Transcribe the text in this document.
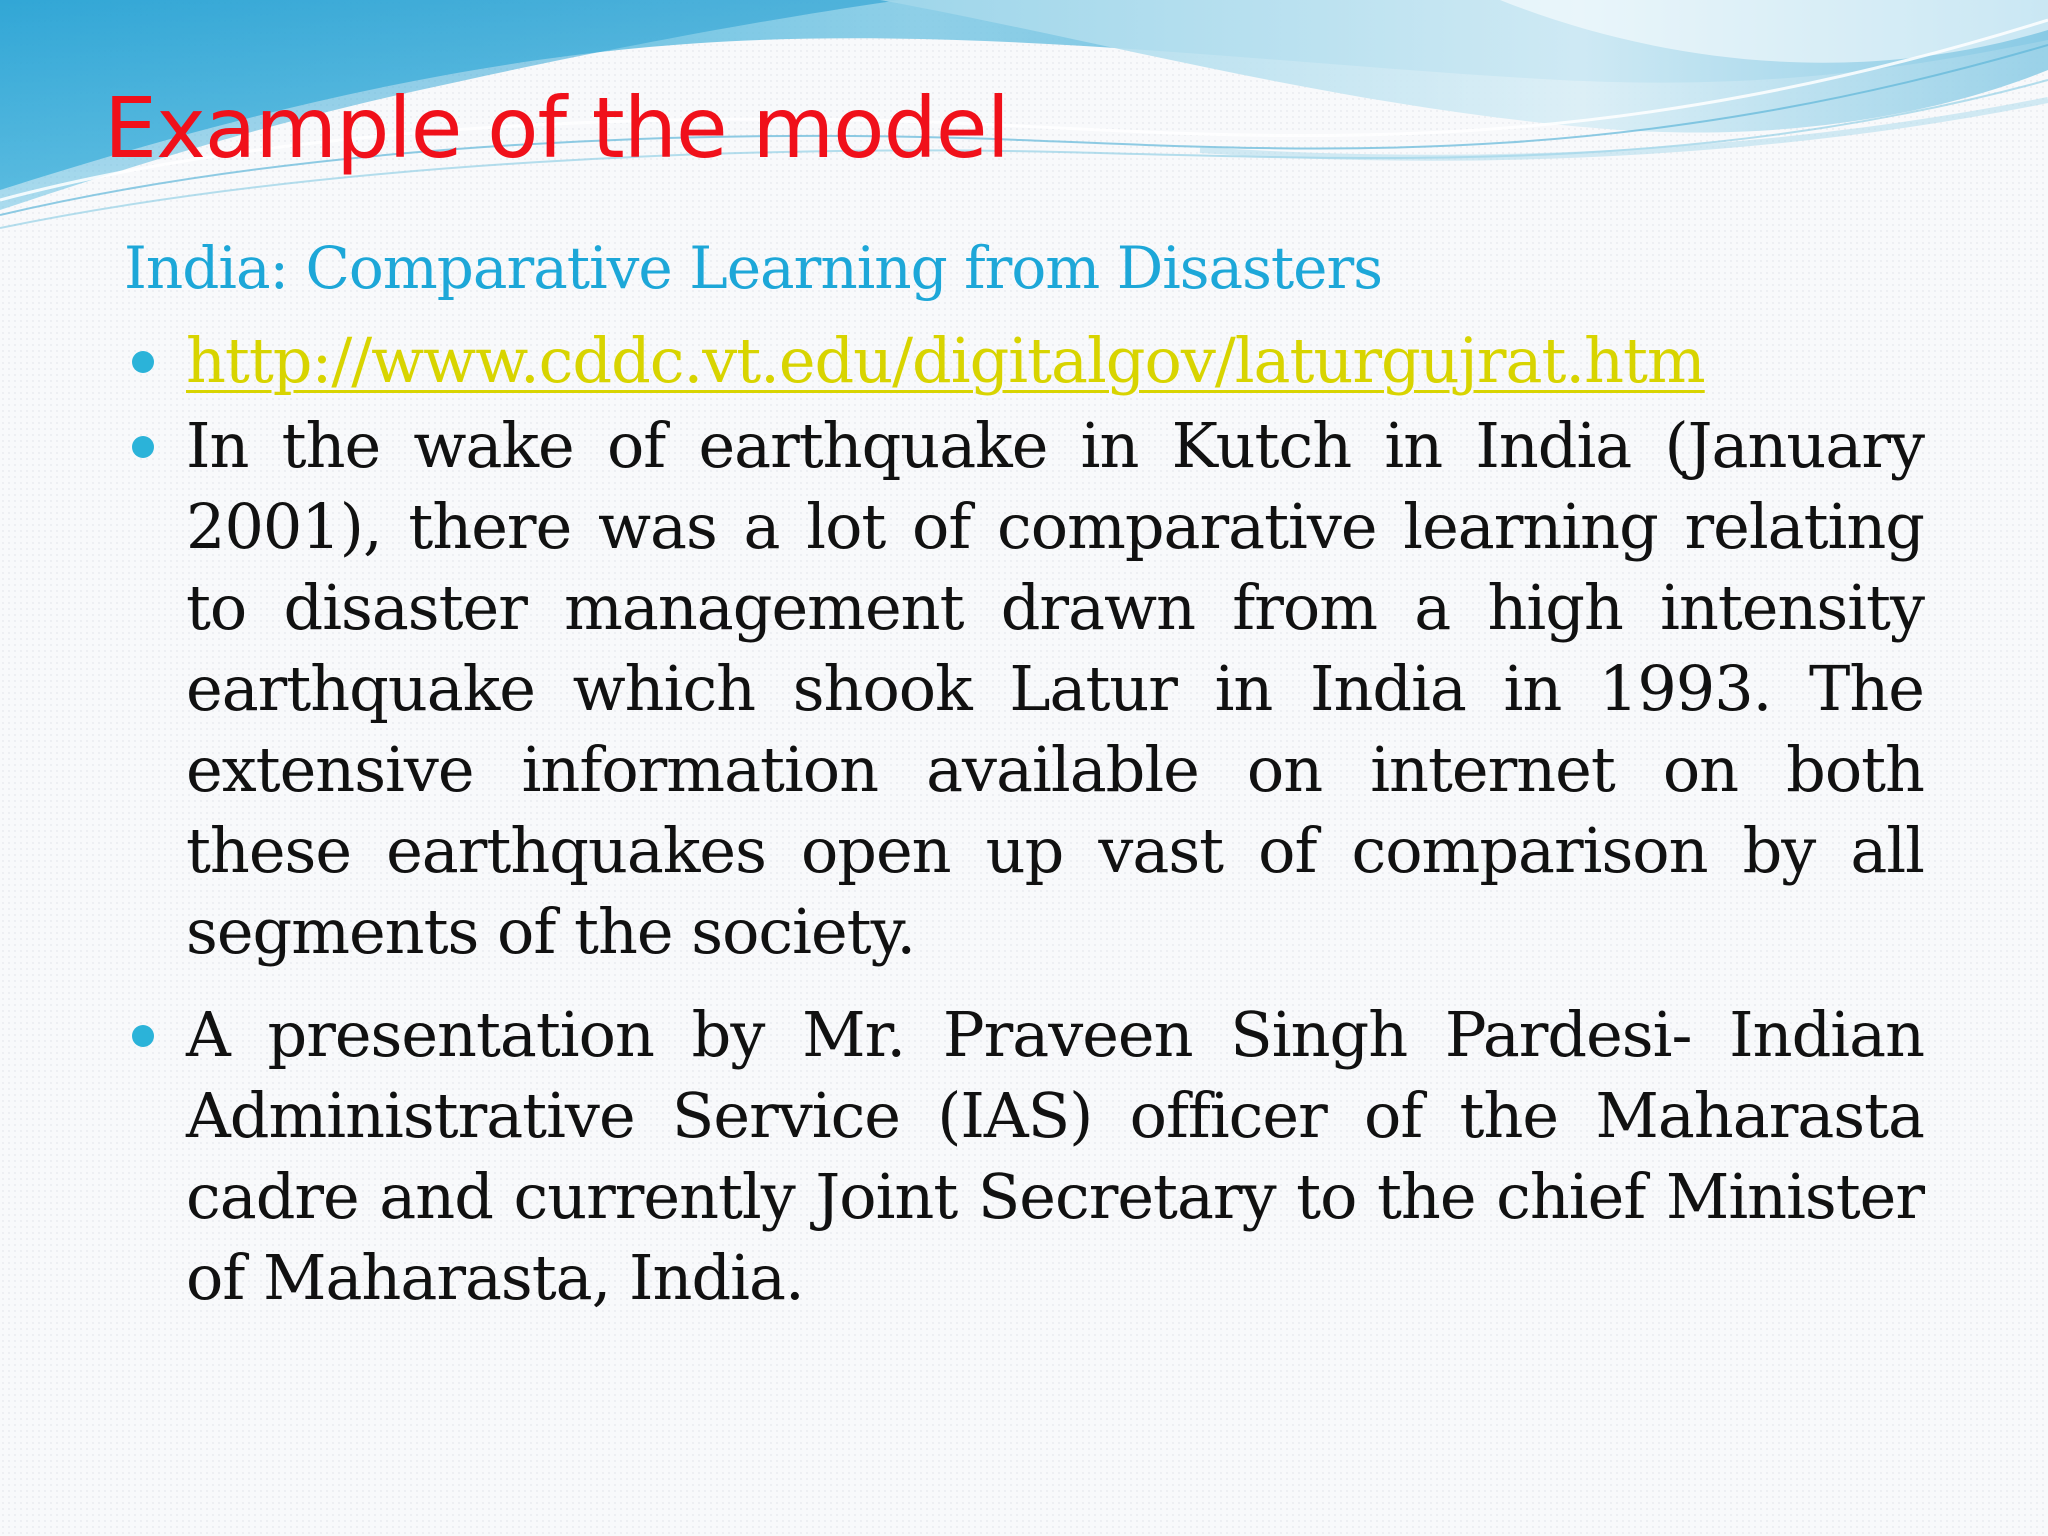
Example of the model
India: Comparative Learning from Disasters
http://www.cddc.vt.edu/digitalgov/laturgujrat.htm
In the wake of earthquake in Kutch in India (January 2001), there was a lot of comparative learning relating to disaster management drawn from a high intensity earthquake which shook Latur in India in 1993. The extensive information available on internet on both these earthquakes open up vast of comparison by all segments of the society.
A presentation by Mr. Praveen Singh Pardesi- Indian Administrative Service (IAS) officer of the Maharasta cadre and currently Joint Secretary to the chief Minister of Maharasta, India.
